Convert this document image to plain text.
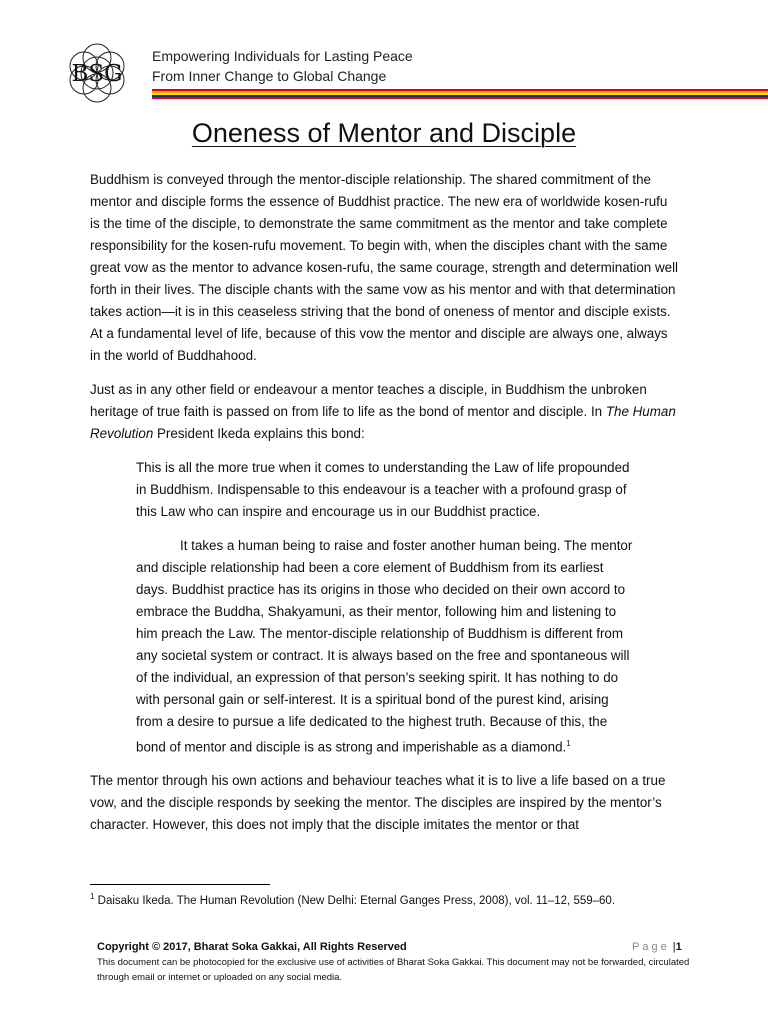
BSG
Empowering Individuals for Lasting Peace
From Inner Change to Global Change
Oneness of Mentor and Disciple

Buddhism is conveyed through the mentor-disciple relationship. The shared commitment of the mentor and disciple forms the essence of Buddhist practice. The new era of worldwide kosen-rufu is the time of the disciple, to demonstrate the same commitment as the mentor and take complete responsibility for the kosen-rufu movement. To begin with, when the disciples chant with the same great vow as the mentor to advance kosen-rufu, the same courage, strength and determination well forth in their lives. The disciple chants with the same vow as his mentor and with that determination takes action—it is in this ceaseless striving that the bond of oneness of mentor and disciple exists. At a fundamental level of life, because of this vow the mentor and disciple are always one, always in the world of Buddhahood.

Just as in any other field or endeavour a mentor teaches a disciple, in Buddhism the unbroken heritage of true faith is passed on from life to life as the bond of mentor and disciple. In The Human Revolution President Ikeda explains this bond:

This is all the more true when it comes to understanding the Law of life propounded in Buddhism. Indispensable to this endeavour is a teacher with a profound grasp of this Law who can inspire and encourage us in our Buddhist practice.

It takes a human being to raise and foster another human being. The mentor and disciple relationship had been a core element of Buddhism from its earliest days. Buddhist practice has its origins in those who decided on their own accord to embrace the Buddha, Shakyamuni, as their mentor, following him and listening to him preach the Law. The mentor-disciple relationship of Buddhism is different from any societal system or contract. It is always based on the free and spontaneous will of the individual, an expression of that person’s seeking spirit. It has nothing to do with personal gain or self-interest. It is a spiritual bond of the purest kind, arising from a desire to pursue a life dedicated to the highest truth. Because of this, the bond of mentor and disciple is as strong and imperishable as a diamond.$^1$

The mentor through his own actions and behaviour teaches what it is to live a life based on a true vow, and the disciple responds by seeking the mentor. The disciples are inspired by the mentor’s character. However, this does not imply that the disciple imitates the mentor or that

$^1$ Daisaku Ikeda. The Human Revolution (New Delhi: Eternal Ganges Press, 2008), vol. 11–12, 559–60.
Copyright © 2017, Bharat Soka Gakkai, All Rights Reserved
This document can be photocopied for the exclusive use of activities of Bharat Soka Gakkai. This document may not be forwarded, circulated through email or internet or uploaded on any social media.
Page |1
